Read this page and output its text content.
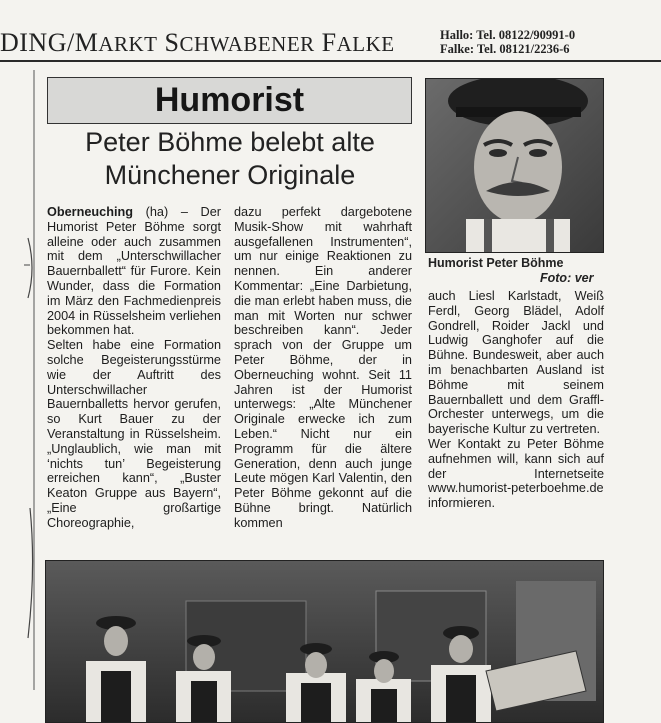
DING/MARKT SCHWABENER FALKE	Hallo: Tel. 08122/90991-0
Falke: Tel. 08121/2236-6
Humorist
Peter Böhme belebt alte
Münchener Originale

Oberneuching (ha) – Der Humorist Peter Böhme sorgt alleine oder auch zusammen mit dem „Unterschwillacher Bauernballett“ für Furore. Kein Wunder, dass die Formation im März den Fachmedienpreis 2004 in Rüsselsheim verliehen bekommen hat.

Selten habe eine Formation solche Begeisterungsstürme wie der Auftritt des Unterschwillacher Bauernballetts hervor gerufen, so Kurt Bauer zu der Veranstaltung in Rüsselsheim. „Unglaublich, wie man mit ‘nichts tun’ Begeisterung erreichen kann“, „Buster Keaton Gruppe aus Bayern“, „Eine großartige Choreographie,

dazu perfekt dargebotene Musik-Show mit wahrhaft ausgefallenen Instrumenten“, um nur einige Reaktionen zu nennen. Ein anderer Kommentar: „Eine Darbietung, die man erlebt haben muss, die man mit Worten nur schwer beschreiben kann“. Jeder sprach von der Gruppe um Peter Böhme, der in Oberneuching wohnt. Seit 11 Jahren ist der Humorist unterwegs: „Alte Münchener Originale erwecke ich zum Leben.“ Nicht nur ein Programm für die ältere Generation, denn auch junge Leute mögen Karl Valentin, den Peter Böhme gekonnt auf die Bühne bringt. Natürlich kommen

auch Liesl Karlstadt, Weiß Ferdl, Georg Blädel, Adolf Gondrell, Roider Jackl und Ludwig Ganghofer auf die Bühne. Bundesweit, aber auch im benachbarten Ausland ist Böhme mit seinem Bauernballett und dem Graffl-Orchester unterwegs, um die bayerische Kultur zu vertreten.

Wer Kontakt zu Peter Böhme aufnehmen will, kann sich auf der Internetseite www.humorist-peterboehme.de informieren.

Humorist Peter Böhme
Foto: ver
